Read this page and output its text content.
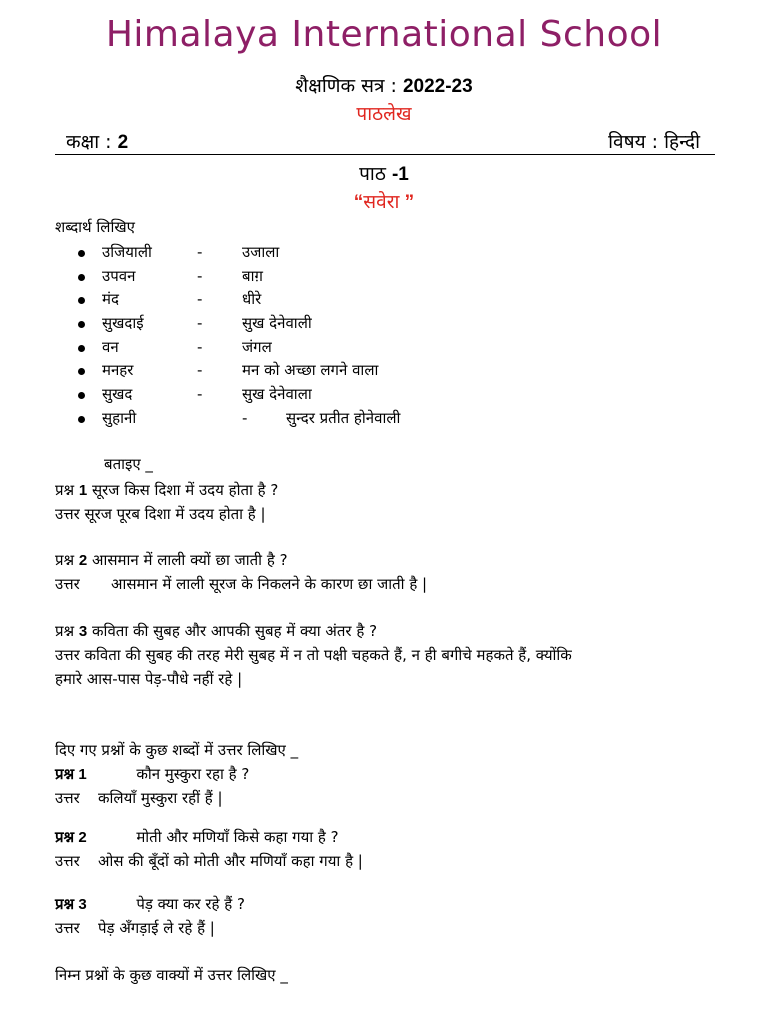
Himalaya International School
शैक्षणिक सत्र : 2022-23
पाठलेख
कक्षा : 2	विषय : हिन्दी
पाठ -1
“सवेरा ”
शब्दार्थ लिखिए
उजियाली	-	उजाला
उपवन	-	बाग़
मंद	-	धीरे
सुखदाई	-	सुख देनेवाली
वन	-	जंगल
मनहर	-	मन को अच्छा लगने वाला
सुखद	-	सुख देनेवाला
सुहानी	-	सुन्दर प्रतीत होनेवाली
बताइए _
प्रश्न 1 सूरज किस दिशा में उदय होता है ?
उत्तर सूरज पूरब दिशा में उदय होता है |
प्रश्न 2 आसमान में लाली क्यों छा जाती है ?
उत्तर आसमान में लाली सूरज के निकलने के कारण छा जाती है |
प्रश्न 3 कविता की सुबह और आपकी सुबह में क्या अंतर है ?
उत्तर कविता की सुबह की तरह मेरी सुबह में न तो पक्षी चहकते हैं, न ही बगीचे महकते हैं, क्योंकि
हमारे आस-पास पेड़-पौधे नहीं रहे |
दिए गए प्रश्नों के कुछ शब्दों में उत्तर लिखिए _
प्रश्न 1	कौन मुस्कुरा रहा है ?
उत्तर कलियाँ मुस्कुरा रहीं हैं |
प्रश्न 2	मोती और मणियाँ किसे कहा गया है ?
उत्तर ओस की बूँदों को मोती और मणियाँ कहा गया है |
प्रश्न 3	पेड़ क्या कर रहे हैं ?
उत्तर पेड़ अँगड़ाई ले रहे हैं |
निम्न प्रश्नों के कुछ वाक्यों में उत्तर लिखिए _
